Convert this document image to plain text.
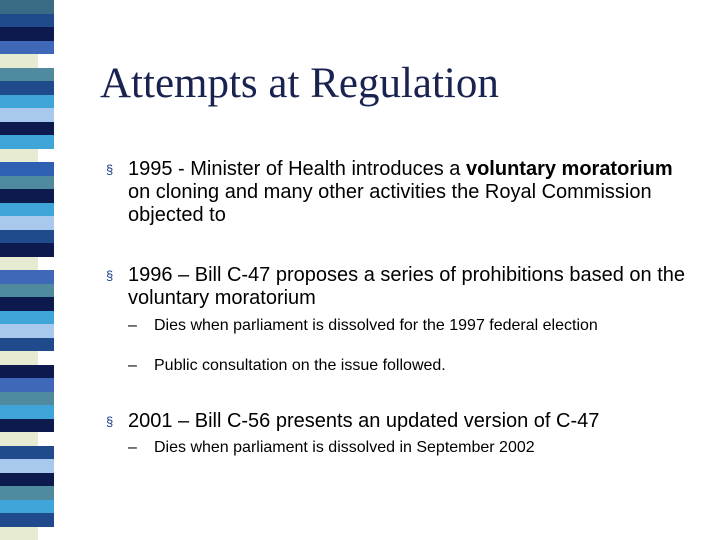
Attempts at Regulation
§ 1995 - Minister of Health introduces a voluntary moratorium on cloning and many other activities the Royal Commission objected to
§ 1996 – Bill C-47 proposes a series of prohibitions based on the voluntary moratorium
– Dies when parliament is dissolved for the 1997 federal election
– Public consultation on the issue followed.
§ 2001 – Bill C-56 presents an updated version of C-47
– Dies when parliament is dissolved in September 2002
